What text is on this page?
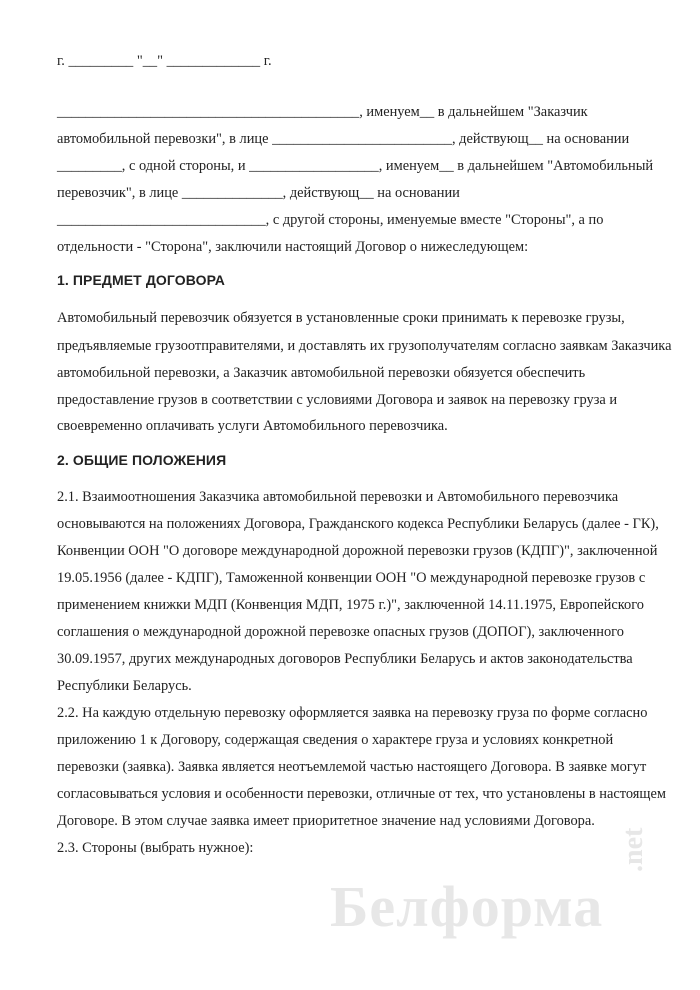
г. _________ "__" _____________ г.
__________________________________________, именуем__ в дальнейшем "Заказчик
автомобильной перевозки", в лице _________________________, действующ__ на основании
_________, с одной стороны, и __________________, именуем__ в дальнейшем "Автомобильный
перевозчик", в лице ______________, действующ__ на основании
_____________________________, с другой стороны, именуемые вместе "Стороны", а по
отдельности - "Сторона", заключили настоящий Договор о нижеследующем:
1. ПРЕДМЕТ ДОГОВОРА
Автомобильный перевозчик обязуется в установленные сроки принимать к перевозке грузы,
предъявляемые грузоотправителями, и доставлять их грузополучателям согласно заявкам Заказчика
автомобильной перевозки, а Заказчик автомобильной перевозки обязуется обеспечить
предоставление грузов в соответствии с условиями Договора и заявок на перевозку груза и
своевременно оплачивать услуги Автомобильного перевозчика.
2. ОБЩИЕ ПОЛОЖЕНИЯ
2.1. Взаимоотношения Заказчика автомобильной перевозки и Автомобильного перевозчика
основываются на положениях Договора, Гражданского кодекса Республики Беларусь (далее - ГК),
Конвенции ООН "О договоре международной дорожной перевозки грузов (КДПГ)", заключенной
19.05.1956 (далее - КДПГ), Таможенной конвенции ООН "О международной перевозке грузов с
применением книжки МДП (Конвенция МДП, 1975 г.)", заключенной 14.11.1975, Европейского
соглашения о международной дорожной перевозке опасных грузов (ДОПОГ), заключенного
30.09.1957, других международных договоров Республики Беларусь и актов законодательства
Республики Беларусь.
2.2. На каждую отдельную перевозку оформляется заявка на перевозку груза по форме согласно
приложению 1 к Договору, содержащая сведения о характере груза и условиях конкретной
перевозки (заявка). Заявка является неотъемлемой частью настоящего Договора. В заявке могут
согласовываться условия и особенности перевозки, отличные от тех, что установлены в настоящем
Договоре. В этом случае заявка имеет приоритетное значение над условиями Договора.
2.3. Стороны (выбрать нужное):
Белформа
.net
